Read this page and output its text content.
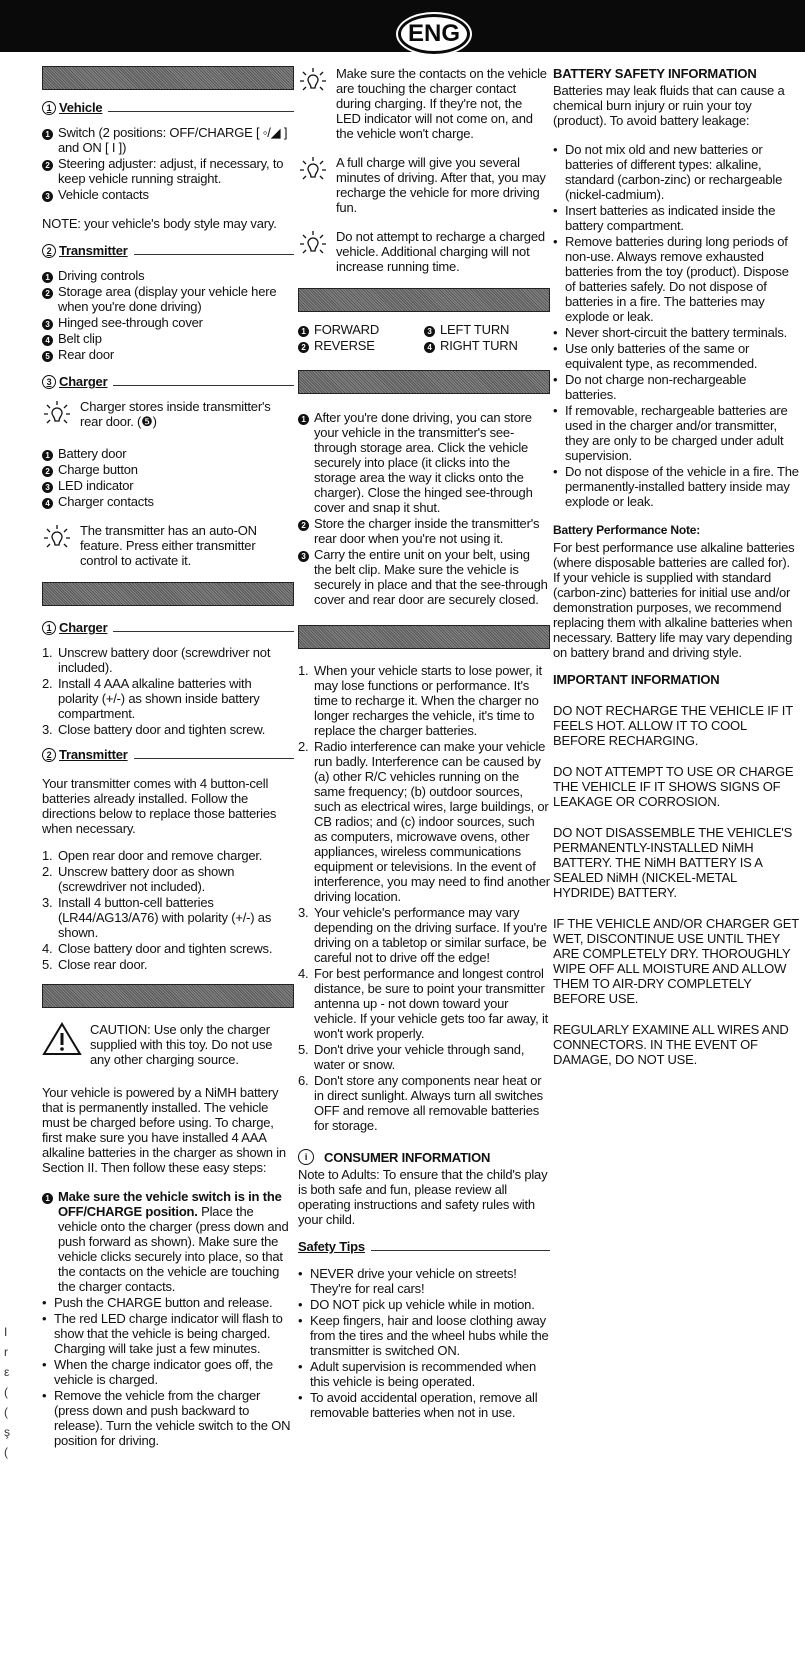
ENG
I
r
ε
(
(
ş
(
1 Vehicle
1 Switch (2 positions: OFF/CHARGE [ ◦/◢ ] and ON [ I ])
2 Steering adjuster: adjust, if necessary, to keep vehicle running straight.
3 Vehicle contacts
NOTE: your vehicle's body style may vary.
2 Transmitter
1 Driving controls
2 Storage area (display your vehicle here when you're done driving)
3 Hinged see-through cover
4 Belt clip
5 Rear door
3 Charger
Charger stores inside transmitter's rear door. (❺)
1 Battery door
2 Charge button
3 LED indicator
4 Charger contacts
The transmitter has an auto-ON feature. Press either transmitter control to activate it.
1 Charger
1. Unscrew battery door (screwdriver not included).
2. Install 4 AAA alkaline batteries with polarity (+/-) as shown inside battery compartment.
3. Close battery door and tighten screw.
2 Transmitter
Your transmitter comes with 4 button-cell batteries already installed. Follow the directions below to replace those batteries when necessary.
1. Open rear door and remove charger.
2. Unscrew battery door as shown (screwdriver not included).
3. Install 4 button-cell batteries (LR44/AG13/A76) with polarity (+/-) as shown.
4. Close battery door and tighten screws.
5. Close rear door.
CAUTION: Use only the charger supplied with this toy. Do not use any other charging source.
Your vehicle is powered by a NiMH battery that is permanently installed. The vehicle must be charged before using. To charge, first make sure you have installed 4 AAA alkaline batteries in the charger as shown in Section II. Then follow these easy steps:
1 Make sure the vehicle switch is in the OFF/CHARGE position. Place the vehicle onto the charger (press down and push forward as shown). Make sure the vehicle clicks securely into place, so that the contacts on the vehicle are touching the charger contacts.
• Push the CHARGE button and release.
• The red LED charge indicator will flash to show that the vehicle is being charged. Charging will take just a few minutes.
• When the charge indicator goes off, the vehicle is charged.
• Remove the vehicle from the charger (press down and push backward to release). Turn the vehicle switch to the ON position for driving.
Make sure the contacts on the vehicle are touching the charger contact during charging. If they're not, the LED indicator will not come on, and the vehicle won't charge.
A full charge will give you several minutes of driving. After that, you may recharge the vehicle for more driving fun.
Do not attempt to recharge a charged vehicle. Additional charging will not increase running time.
1 FORWARD	3 LEFT TURN
2 REVERSE	4 RIGHT TURN
1 After you're done driving, you can store your vehicle in the transmitter's see-through storage area. Click the vehicle securely into place (it clicks into the storage area the way it clicks onto the charger). Close the hinged see-through cover and snap it shut.
2 Store the charger inside the transmitter's rear door when you're not using it.
3 Carry the entire unit on your belt, using the belt clip. Make sure the vehicle is securely in place and that the see-through cover and rear door are securely closed.
1. When your vehicle starts to lose power, it may lose functions or performance. It's time to recharge it. When the charger no longer recharges the vehicle, it's time to replace the charger batteries.
2. Radio interference can make your vehicle run badly. Interference can be caused by (a) other R/C vehicles running on the same frequency; (b) outdoor sources, such as electrical wires, large buildings, or CB radios; and (c) indoor sources, such as computers, microwave ovens, other appliances, wireless communications equipment or televisions. In the event of interference, you may need to find another driving location.
3. Your vehicle's performance may vary depending on the driving surface. If you're driving on a tabletop or similar surface, be careful not to drive off the edge!
4. For best performance and longest control distance, be sure to point your transmitter antenna up - not down toward your vehicle. If your vehicle gets too far away, it won't work properly.
5. Don't drive your vehicle through sand, water or snow.
6. Don't store any components near heat or in direct sunlight. Always turn all switches OFF and remove all removable batteries for storage.
i	CONSUMER INFORMATION
Note to Adults: To ensure that the child's play is both safe and fun, please review all operating instructions and safety rules with your child.
Safety Tips
• NEVER drive your vehicle on streets! They're for real cars!
• DO NOT pick up vehicle while in motion.
• Keep fingers, hair and loose clothing away from the tires and the wheel hubs while the transmitter is switched ON.
• Adult supervision is recommended when this vehicle is being operated.
• To avoid accidental operation, remove all removable batteries when not in use.
BATTERY SAFETY INFORMATION
Batteries may leak fluids that can cause a chemical burn injury or ruin your toy (product). To avoid battery leakage:
• Do not mix old and new batteries or batteries of different types: alkaline, standard (carbon-zinc) or rechargeable (nickel-cadmium).
• Insert batteries as indicated inside the battery compartment.
• Remove batteries during long periods of non-use. Always remove exhausted batteries from the toy (product). Dispose of batteries safely. Do not dispose of batteries in a fire. The batteries may explode or leak.
• Never short-circuit the battery terminals.
• Use only batteries of the same or equivalent type, as recommended.
• Do not charge non-rechargeable batteries.
• If removable, rechargeable batteries are used in the charger and/or transmitter, they are only to be charged under adult supervision.
• Do not dispose of the vehicle in a fire. The permanently-installed battery inside may explode or leak.
Battery Performance Note:
For best performance use alkaline batteries (where disposable batteries are called for). If your vehicle is supplied with standard (carbon-zinc) batteries for initial use and/or demonstration purposes, we recommend replacing them with alkaline batteries when necessary. Battery life may vary depending on battery brand and driving style.
IMPORTANT INFORMATION
DO NOT RECHARGE THE VEHICLE IF IT FEELS HOT. ALLOW IT TO COOL BEFORE RECHARGING.
DO NOT ATTEMPT TO USE OR CHARGE THE VEHICLE IF IT SHOWS SIGNS OF LEAKAGE OR CORROSION.
DO NOT DISASSEMBLE THE VEHICLE'S PERMANENTLY-INSTALLED NiMH BATTERY. THE NiMH BATTERY IS A SEALED NiMH (NICKEL-METAL HYDRIDE) BATTERY.
IF THE VEHICLE AND/OR CHARGER GET WET, DISCONTINUE USE UNTIL THEY ARE COMPLETELY DRY. THOROUGHLY WIPE OFF ALL MOISTURE AND ALLOW THEM TO AIR-DRY COMPLETELY BEFORE USE.
REGULARLY EXAMINE ALL WIRES AND CONNECTORS. IN THE EVENT OF DAMAGE, DO NOT USE.
